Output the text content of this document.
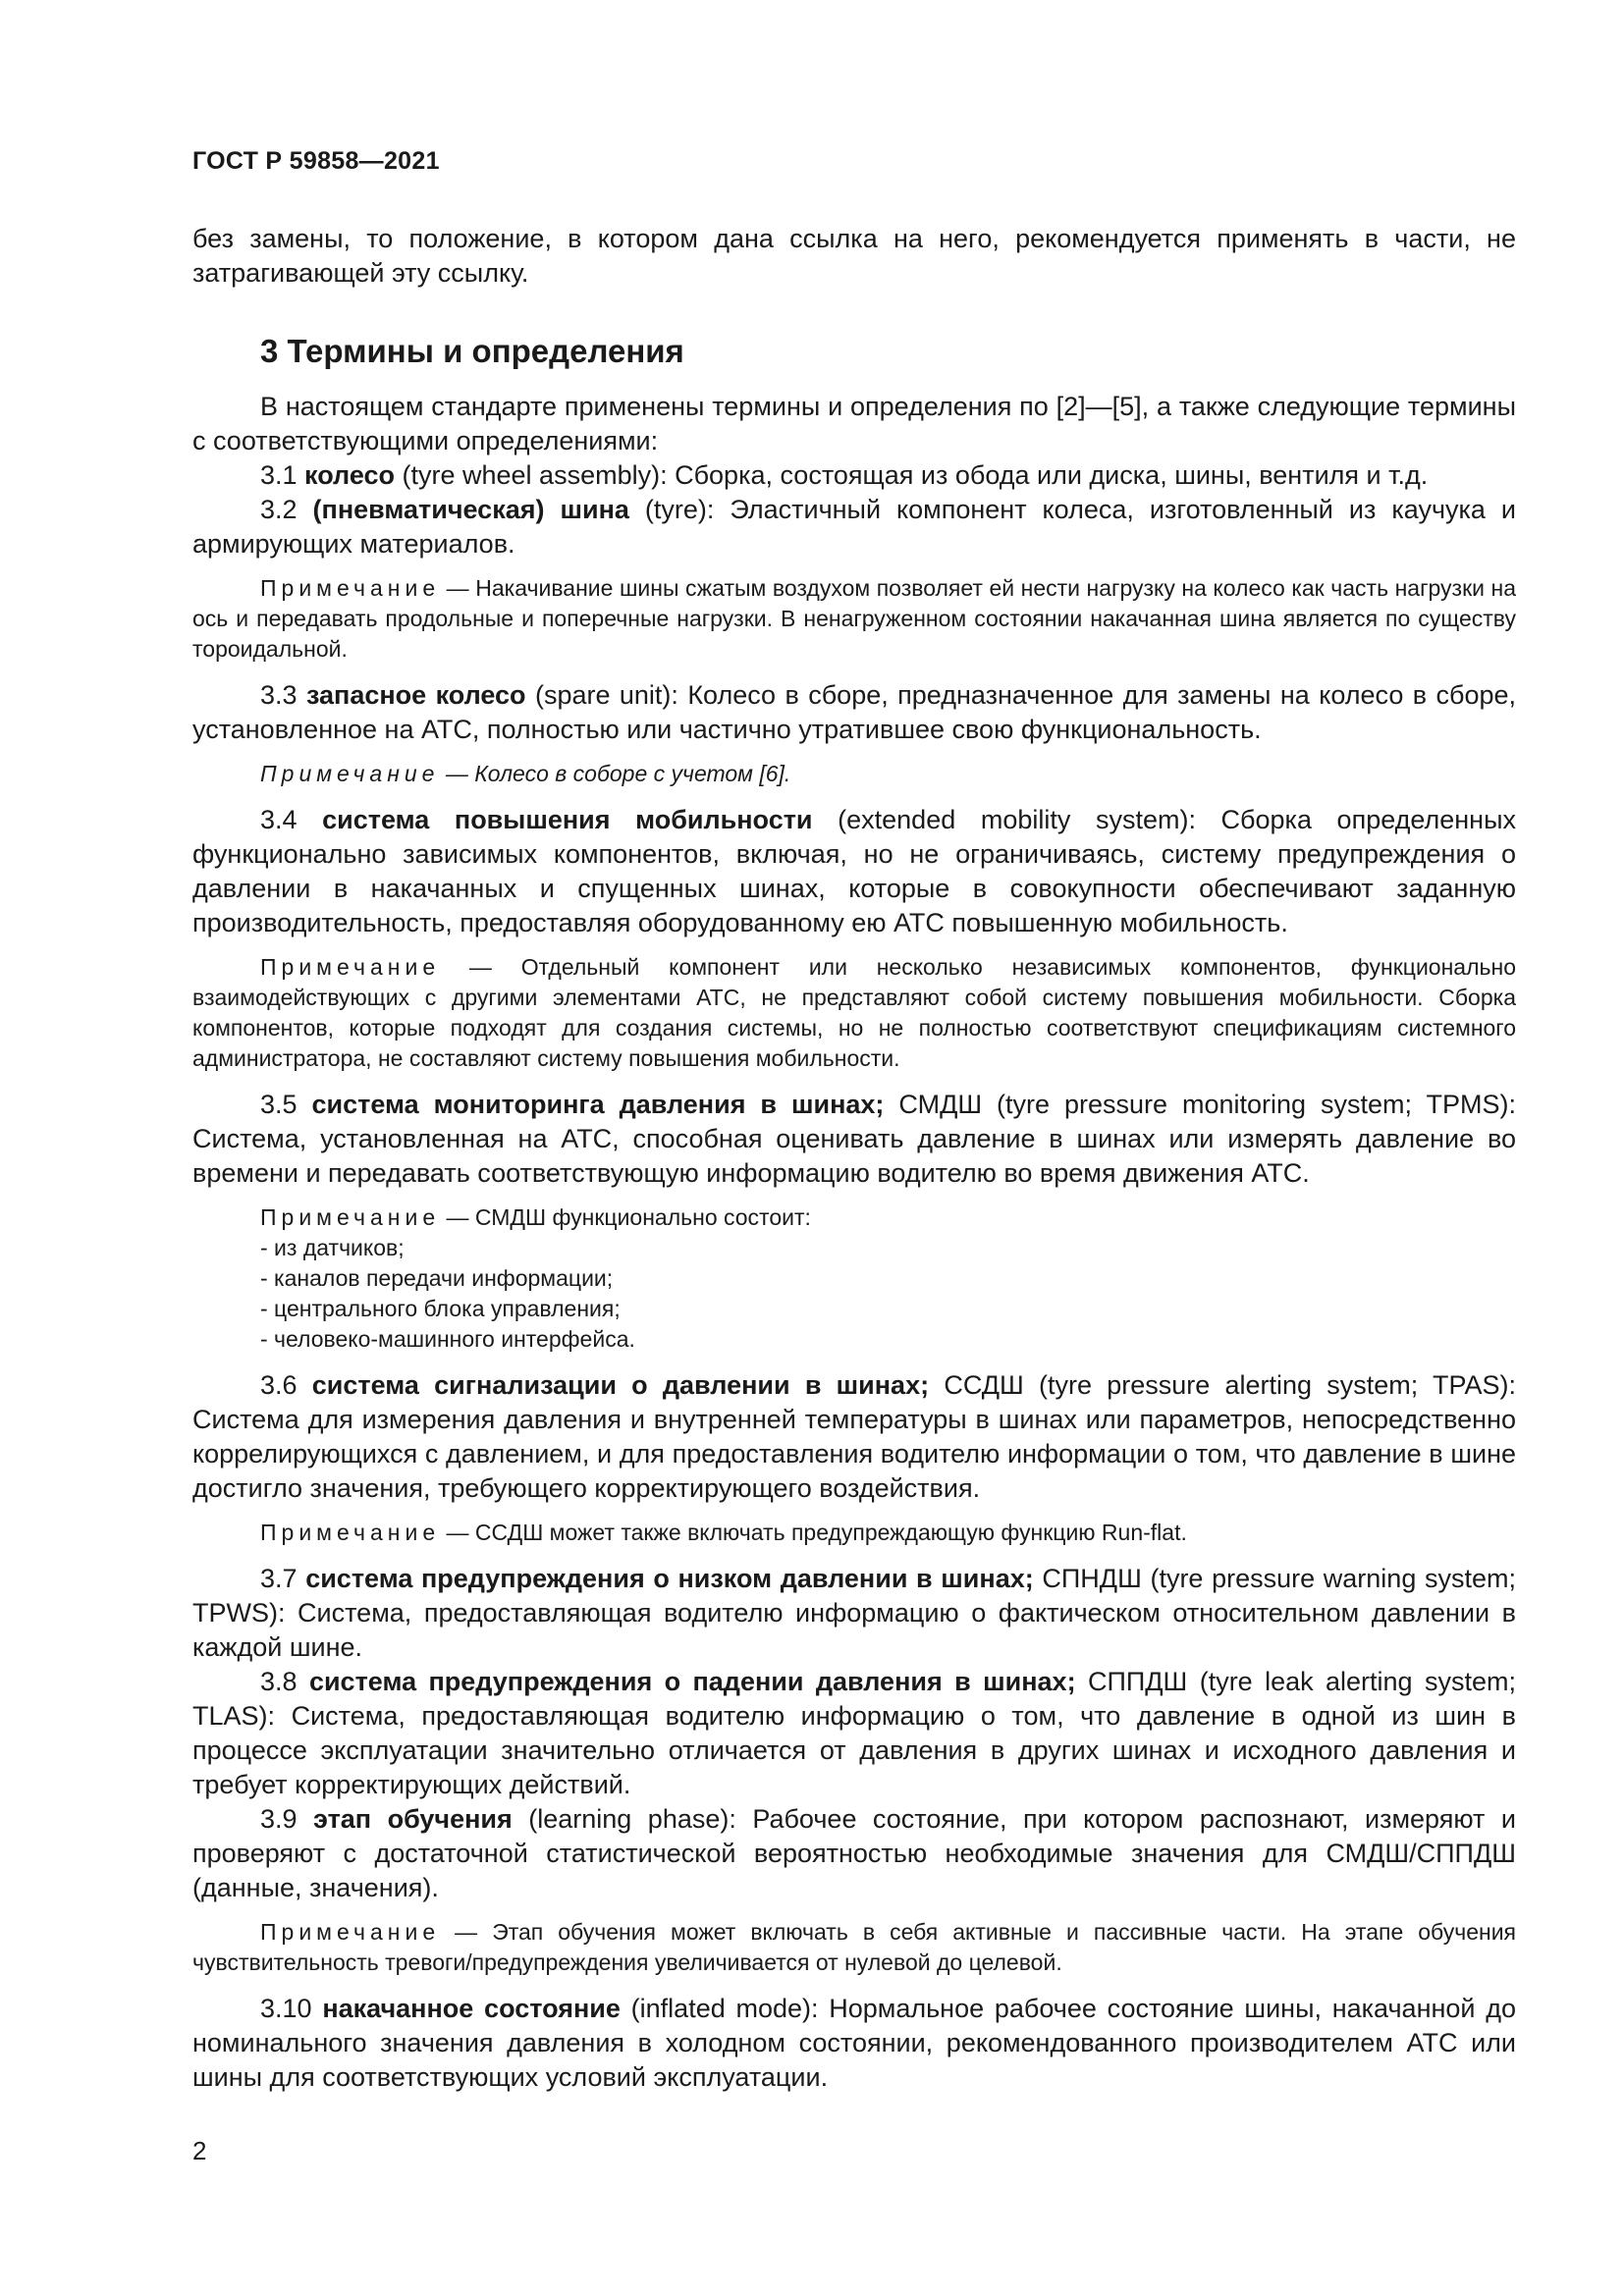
ГОСТ Р 59858—2021

без замены, то положение, в котором дана ссылка на него, рекомендуется применять в части, не затрагивающей эту ссылку.

3 Термины и определения

В настоящем стандарте применены термины и определения по [2]—[5], а также следующие термины с соответствующими определениями:

3.1 колесо (tyre wheel assembly): Сборка, состоящая из обода или диска, шины, вентиля и т.д.

3.2 (пневматическая) шина (tyre): Эластичный компонент колеса, изготовленный из каучука и армирующих материалов.

Примечание — Накачивание шины сжатым воздухом позволяет ей нести нагрузку на колесо как часть нагрузки на ось и передавать продольные и поперечные нагрузки. В ненагруженном состоянии накачанная шина является по существу тороидальной.

3.3 запасное колесо (spare unit): Колесо в сборе, предназначенное для замены на колесо в сборе, установленное на АТС, полностью или частично утратившее свою функциональность.

Примечание — Колесо в соборе с учетом [6].

3.4 система повышения мобильности (extended mobility system): Сборка определенных функционально зависимых компонентов, включая, но не ограничиваясь, систему предупреждения о давлении в накачанных и спущенных шинах, которые в совокупности обеспечивают заданную производительность, предоставляя оборудованному ею АТС повышенную мобильность.

Примечание — Отдельный компонент или несколько независимых компонентов, функционально взаимодействующих с другими элементами АТС, не представляют собой систему повышения мобильности. Сборка компонентов, которые подходят для создания системы, но не полностью соответствуют спецификациям системного администратора, не составляют систему повышения мобильности.

3.5 система мониторинга давления в шинах; СМДШ (tyre pressure monitoring system; TPMS): Система, установленная на АТС, способная оценивать давление в шинах или измерять давление во времени и передавать соответствующую информацию водителю во время движения АТС.

Примечание — СМДШ функционально состоит:

- из датчиков;
- каналов передачи информации;
- центрального блока управления;
- человеко-машинного интерфейса.

3.6 система сигнализации о давлении в шинах; ССДШ (tyre pressure alerting system; TPAS): Система для измерения давления и внутренней температуры в шинах или параметров, непосредственно коррелирующихся с давлением, и для предоставления водителю информации о том, что давление в шине достигло значения, требующего корректирующего воздействия.

Примечание — ССДШ может также включать предупреждающую функцию Run-flat.

3.7 система предупреждения о низком давлении в шинах; СПНДШ (tyre pressure warning system; TPWS): Система, предоставляющая водителю информацию о фактическом относительном давлении в каждой шине.

3.8 система предупреждения о падении давления в шинах; СППДШ (tyre leak alerting system; TLAS): Система, предоставляющая водителю информацию о том, что давление в одной из шин в процессе эксплуатации значительно отличается от давления в других шинах и исходного давления и требует корректирующих действий.

3.9 этап обучения (learning phase): Рабочее состояние, при котором распознают, измеряют и проверяют с достаточной статистической вероятностью необходимые значения для СМДШ/СППДШ (данные, значения).

Примечание — Этап обучения может включать в себя активные и пассивные части. На этапе обучения чувствительность тревоги/предупреждения увеличивается от нулевой до целевой.

3.10 накачанное состояние (inflated mode): Нормальное рабочее состояние шины, накачанной до номинального значения давления в холодном состоянии, рекомендованного производителем АТС или шины для соответствующих условий эксплуатации.

2
